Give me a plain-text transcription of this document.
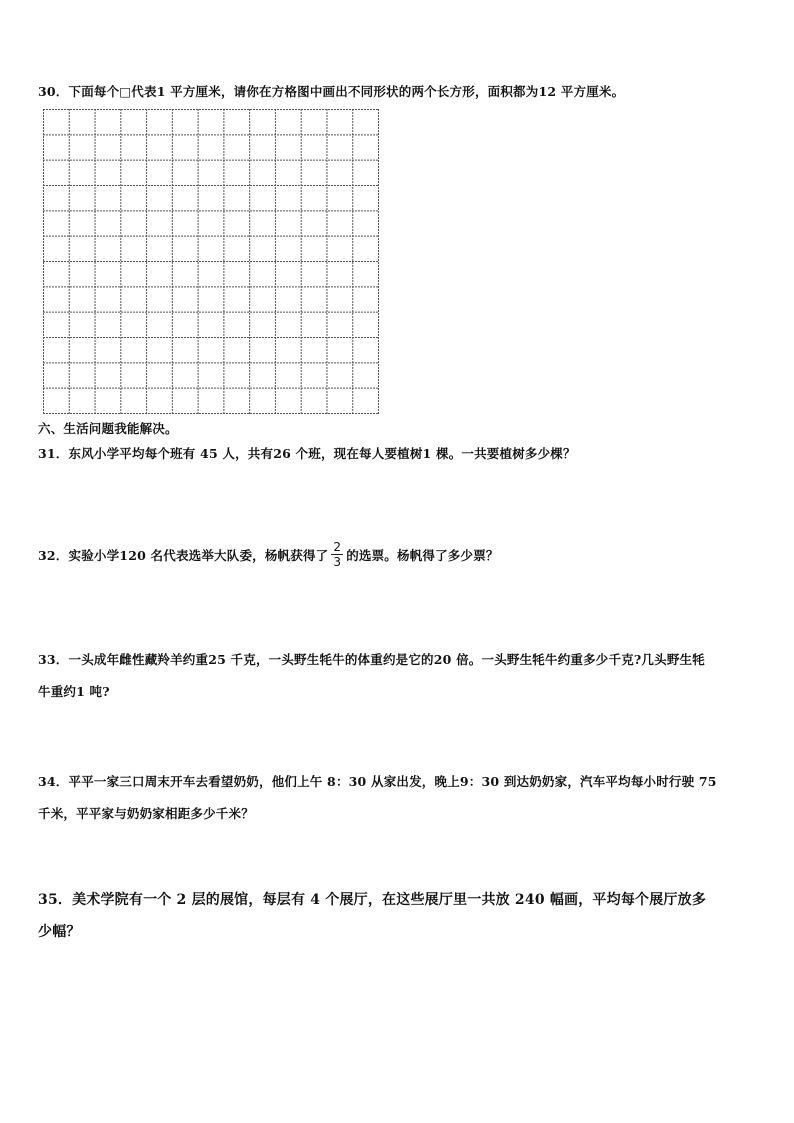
30．下面每个□代表1 平方厘米，请你在方格图中画出不同形状的两个长方形，面积都为12 平方厘米。
六、生活问题我能解决。
31．东风小学平均每个班有 45 人，共有26 个班，现在每人要植树1 棵。一共要植树多少棵？
32．实验小学120 名代表选举大队委，杨帆获得了 $\frac{2}{3}$ 的选票。杨帆得了多少票？
33．一头成年雌性藏羚羊约重25 千克，一头野生牦牛的体重约是它的20 倍。一头野生牦牛约重多少千克?几头野生牦
牛重约1 吨?
34．平平一家三口周末开车去看望奶奶，他们上午 8：30 从家出发，晚上9：30 到达奶奶家，汽车平均每小时行驶 75
千米，平平家与奶奶家相距多少千米？
35．美术学院有一个 2 层的展馆，每层有 4 个展厅，在这些展厅里一共放 240 幅画，平均每个展厅放多
少幅？
